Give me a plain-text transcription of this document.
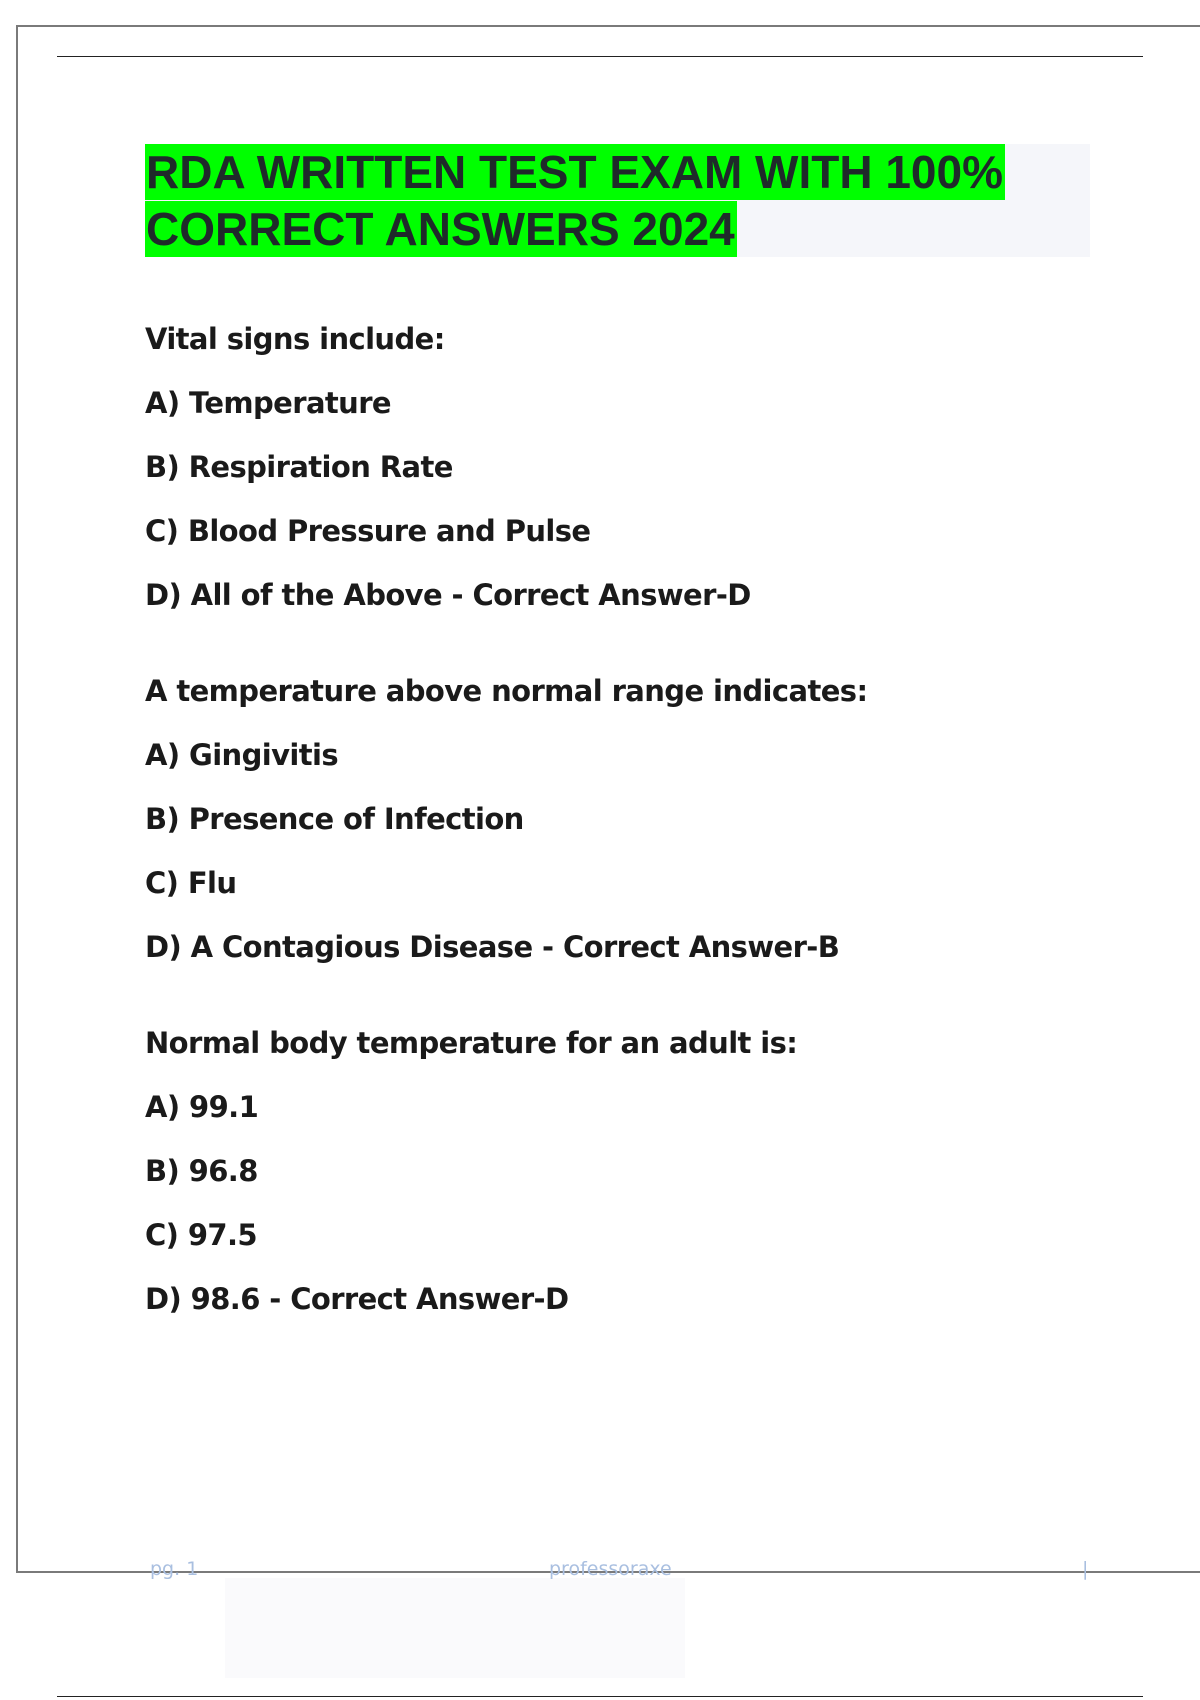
RDA WRITTEN TEST EXAM WITH 100%
CORRECT ANSWERS 2024
Vital signs include:
A) Temperature
B) Respiration Rate
C) Blood Pressure and Pulse
D) All of the Above - Correct Answer-D
A temperature above normal range indicates:
A) Gingivitis
B) Presence of Infection
C) Flu
D) A Contagious Disease - Correct Answer-B
Normal body temperature for an adult is:
A) 99.1
B) 96.8
C) 97.5
D) 98.6 - Correct Answer-D
pg. 1	professoraxe	|
